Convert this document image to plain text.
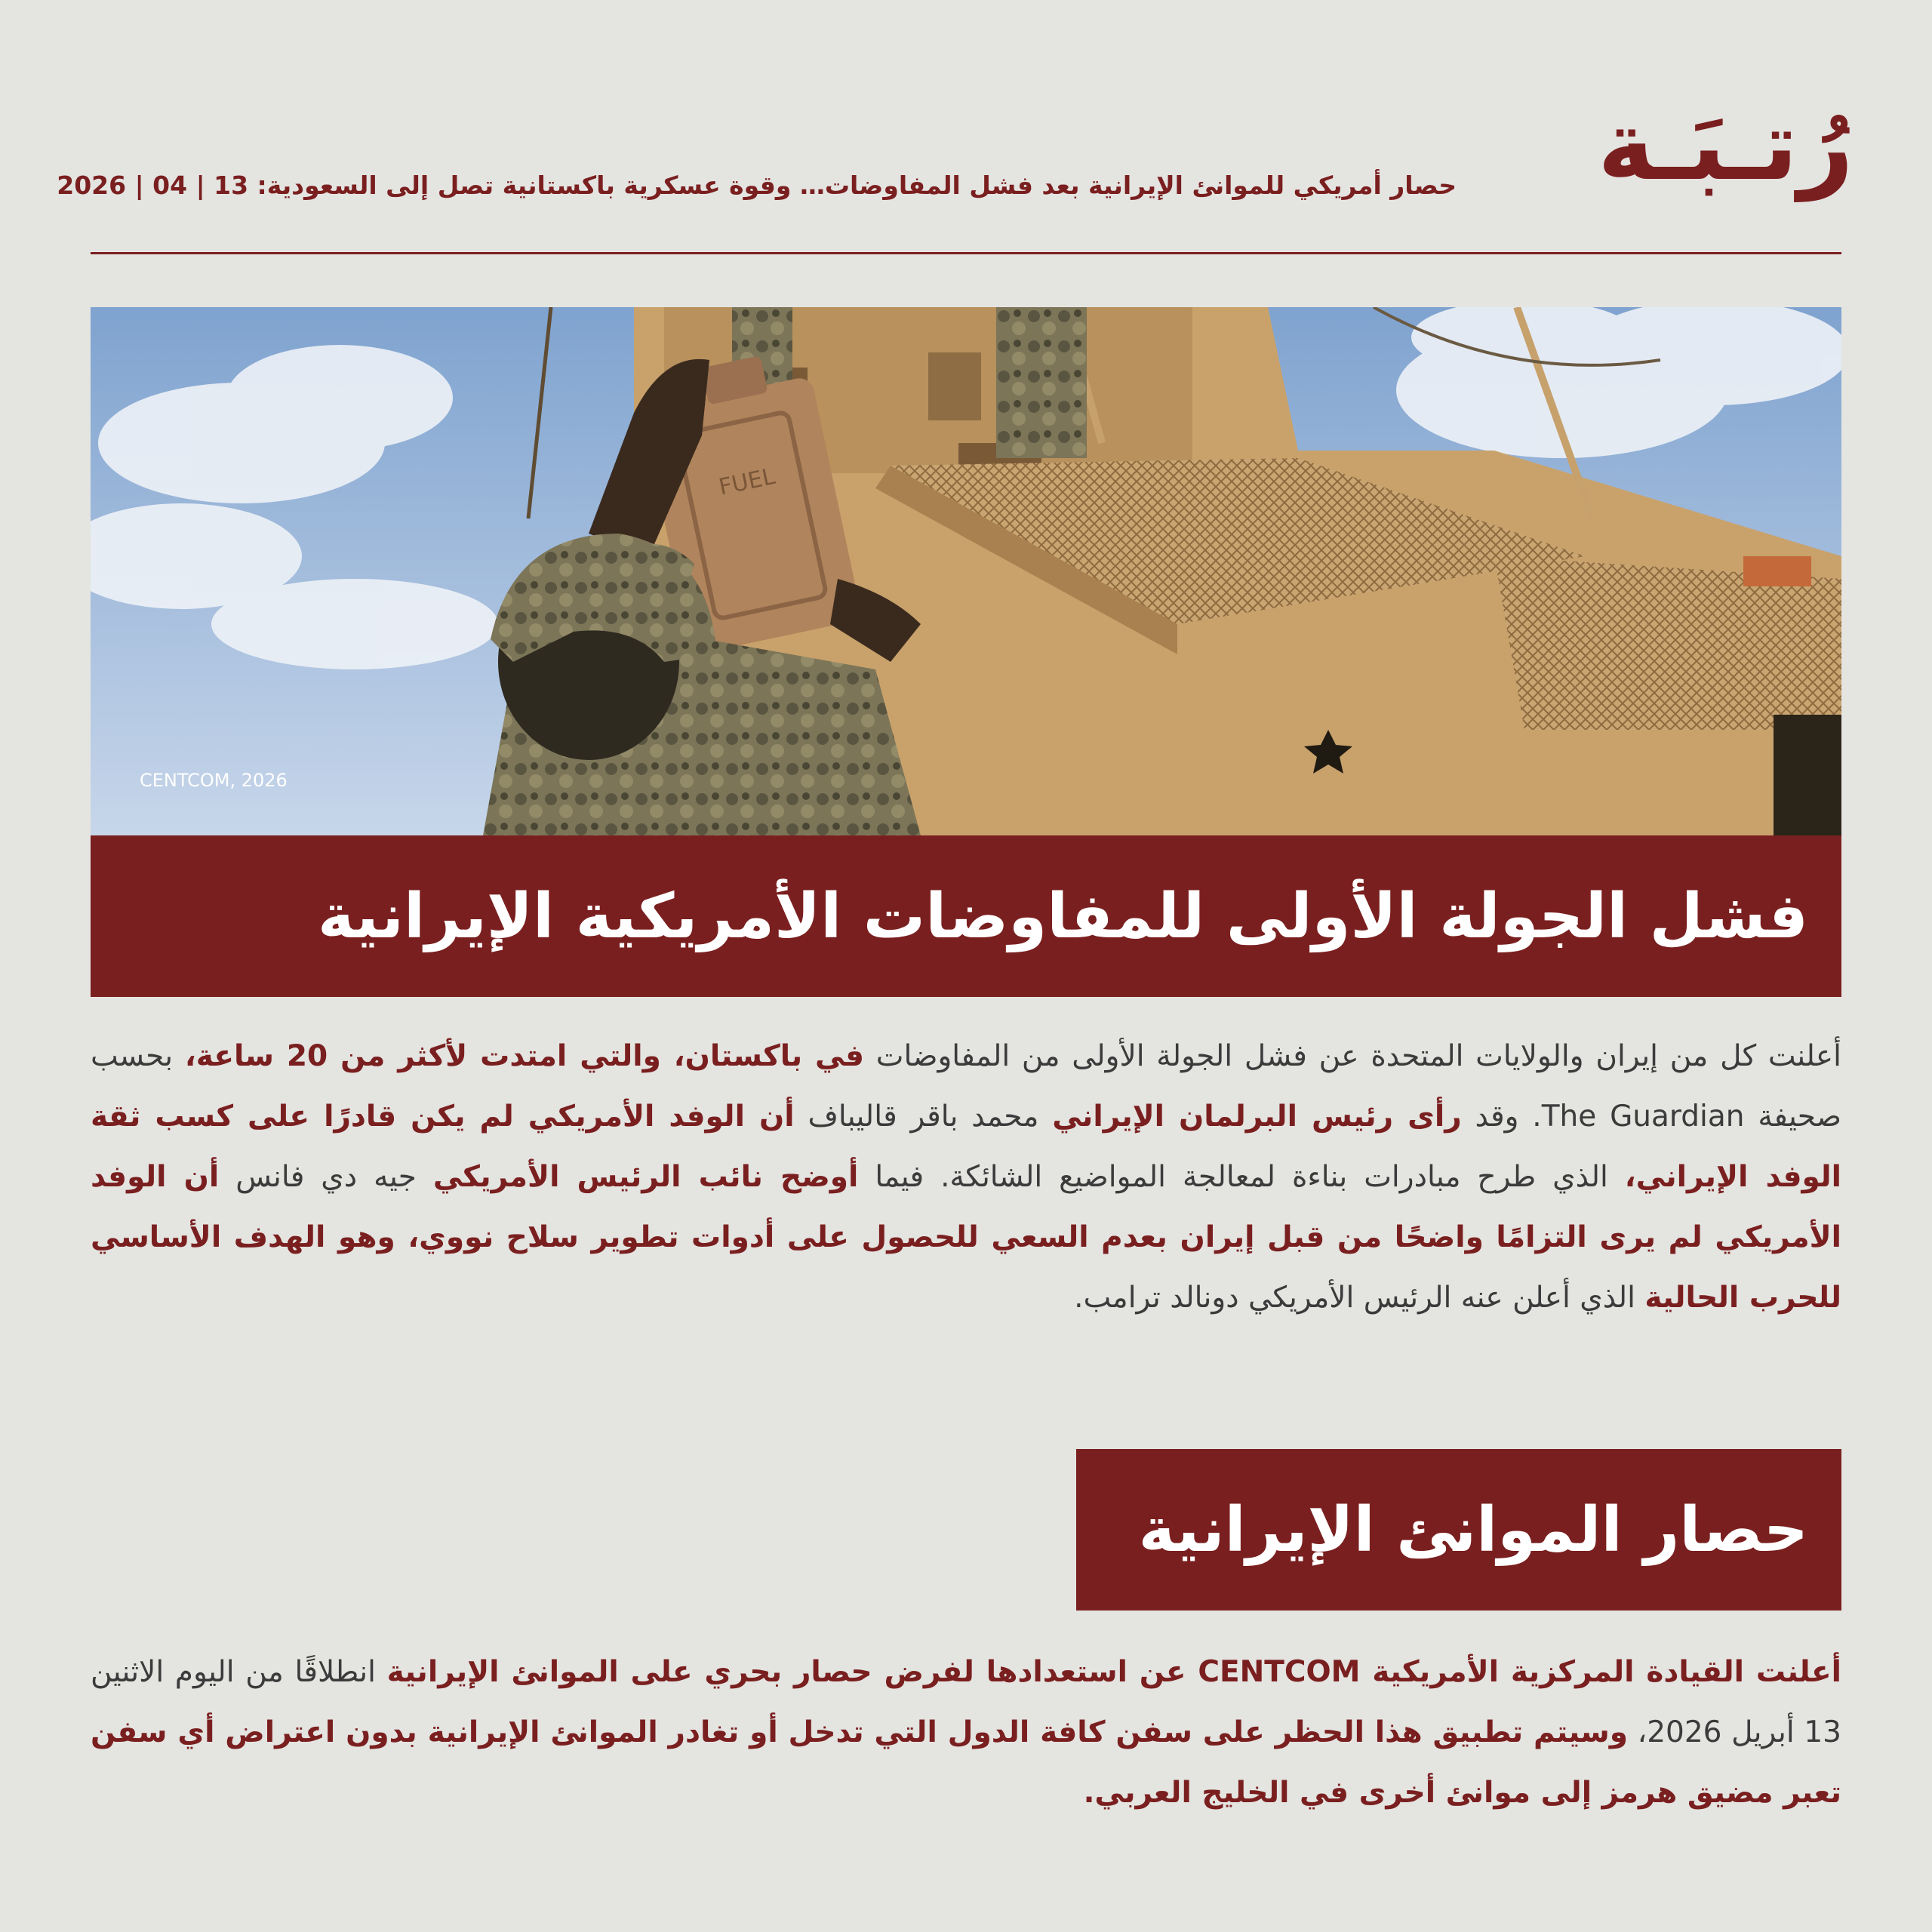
رُتـبَـة
حصار أمريكي للموانئ الإيرانية بعد فشل المفاوضات… وقوة عسكرية باكستانية تصل إلى السعودية: 13 | 04 | 2026
FUEL
CENTCOM, 2026
فشل الجولة الأولى للمفاوضات الأمريكية الإيرانية
أعلنت كل من إيران والولايات المتحدة عن فشل الجولة الأولى من المفاوضات في باكستان، والتي امتدت لأكثر من 20 ساعة، بحسب صحيفة The Guardian. وقد رأى رئيس البرلمان الإيراني محمد باقر قاليباف أن الوفد الأمريكي لم يكن قادرًا على كسب ثقة الوفد الإيراني، الذي طرح مبادرات بناءة لمعالجة المواضيع الشائكة. فيما أوضح نائب الرئيس الأمريكي جيه دي فانس أن الوفد الأمريكي لم يرى التزامًا واضحًا من قبل إيران بعدم السعي للحصول على أدوات تطوير سلاح نووي، وهو الهدف الأساسي للحرب الحالية الذي أعلن عنه الرئيس الأمريكي دونالد ترامب.
حصار الموانئ الإيرانية
أعلنت القيادة المركزية الأمريكية CENTCOM عن استعدادها لفرض حصار بحري على الموانئ الإيرانية انطلاقًا من اليوم الاثنين 13 أبريل 2026، وسيتم تطبيق هذا الحظر على سفن كافة الدول التي تدخل أو تغادر الموانئ الإيرانية بدون اعتراض أي سفن تعبر مضيق هرمز إلى موانئ أخرى في الخليج العربي.
